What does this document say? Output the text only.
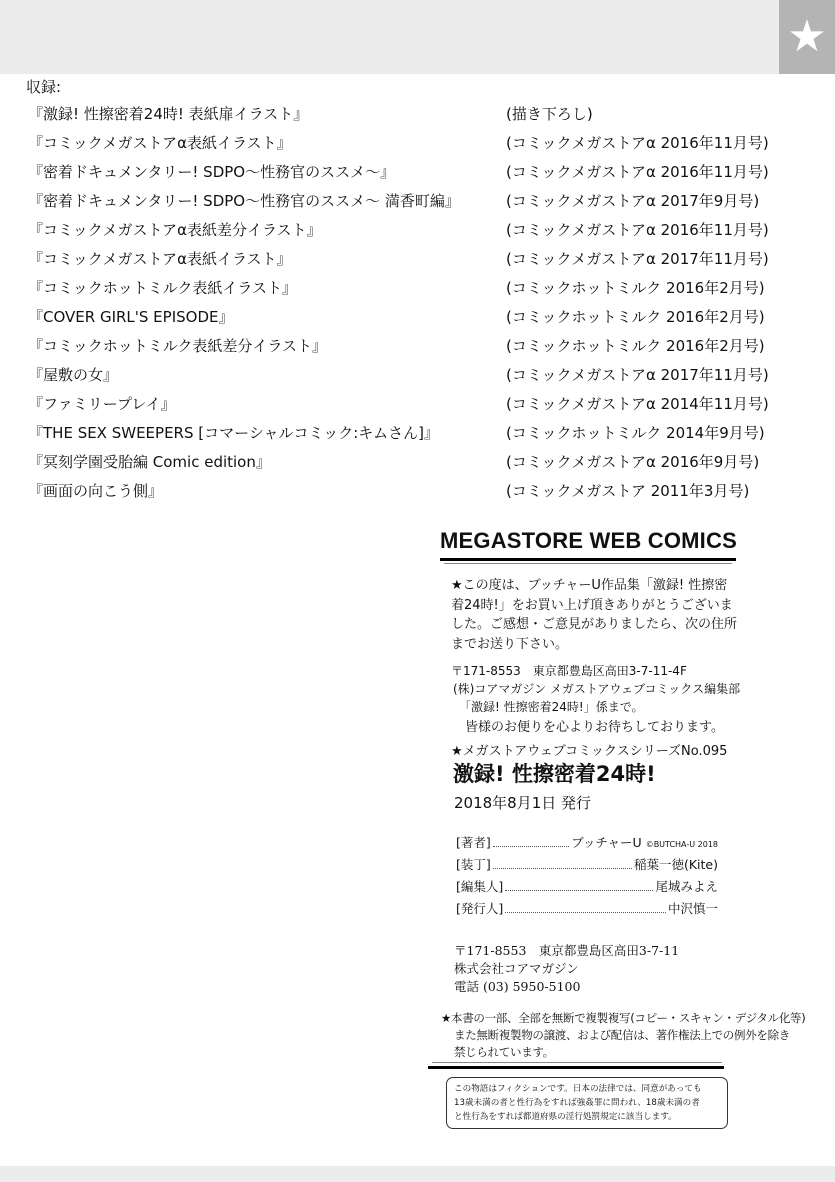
★
収録:
『激録! 性擦密着24時! 表紙扉イラスト』	(描き下ろし)
『コミックメガストアα表紙イラスト』	(コミックメガストアα 2016年11月号)
『密着ドキュメンタリー! SDPO〜性務官のススメ〜』	(コミックメガストアα 2016年11月号)
『密着ドキュメンタリー! SDPO〜性務官のススメ〜 満香町編』	(コミックメガストアα 2017年9月号)
『コミックメガストアα表紙差分イラスト』	(コミックメガストアα 2016年11月号)
『コミックメガストアα表紙イラスト』	(コミックメガストアα 2017年11月号)
『コミックホットミルク表紙イラスト』	(コミックホットミルク 2016年2月号)
『COVER GIRL'S EPISODE』	(コミックホットミルク 2016年2月号)
『コミックホットミルク表紙差分イラスト』	(コミックホットミルク 2016年2月号)
『屋敷の女』	(コミックメガストアα 2017年11月号)
『ファミリープレイ』	(コミックメガストアα 2014年11月号)
『THE SEX SWEEPERS [コマーシャルコミック:キムさん]』	(コミックホットミルク 2014年9月号)
『冥刻学園受胎編 Comic edition』	(コミックメガストアα 2016年9月号)
『画面の向こう側』	(コミックメガストア 2011年3月号)
MEGASTORE WEB COMICS
★この度は、ブッチャーU作品集「激録! 性擦密
着24時!」をお買い上げ頂きありがとうございま
した。ご感想・ご意見がありましたら、次の住所
までお送り下さい。
〒171-8553　東京都豊島区高田3-7-11-4F
(株)コアマガジン メガストアウェブコミックス編集部
「激録! 性擦密着24時!」係まで。
皆様のお便りを心よりお待ちしております。
★メガストアウェブコミックスシリーズNo.095
激録! 性擦密着24時!
2018年8月1日 発行
[著者]	ブッチャーU ©BUTCHA-U 2018
[装丁]	稲葉一徳(Kite)
[編集人]	尾城みよえ
[発行人]	中沢慎一
〒171-8553　東京都豊島区高田3-7-11
株式会社コアマガジン
電話 (03) 5950-5100
★本書の一部、全部を無断で複製複写(コピー・スキャン・デジタル化等)
また無断複製物の譲渡、および配信は、著作権法上での例外を除き
禁じられています。
この物語はフィクションです。日本の法律では、同意があっても
13歳未満の者と性行為をすれば強姦罪に問われ、18歳未満の者
と性行為をすれば都道府県の淫行処罰規定に該当します。
